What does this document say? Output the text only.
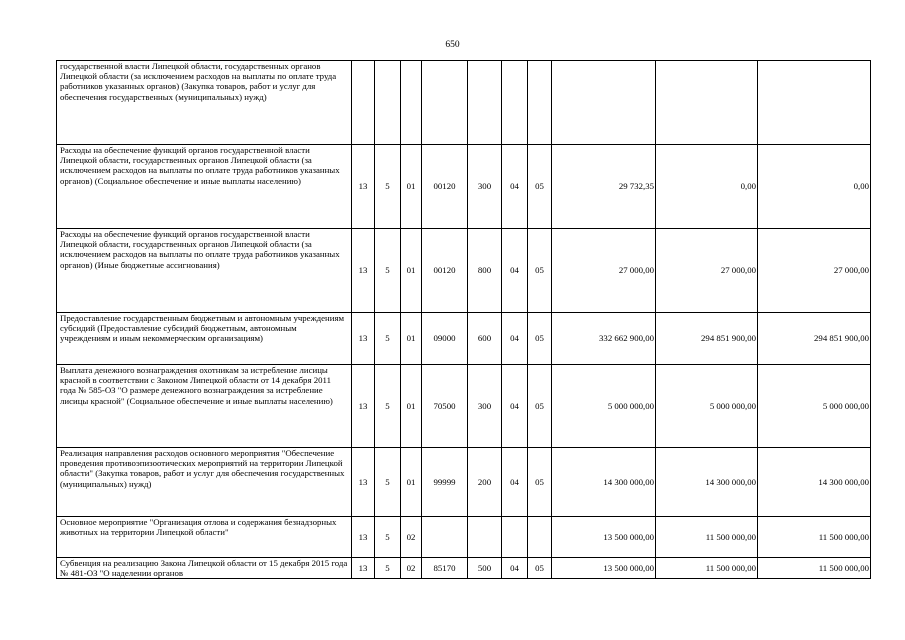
650
государственной власти Липецкой области, государственных органов Липецкой области (за исключением расходов на выплаты по оплате труда работников указанных органов) (Закупка товаров, работ и услуг для обеспечения государственных (муниципальных) нужд)										
Расходы на обеспечение функций органов государственной власти Липецкой области, государственных органов Липецкой области (за исключением расходов на выплаты по оплате труда работников указанных органов) (Социальное обеспечение и иные выплаты населению)	13	5	01	00120	300	04	05	29 732,35	0,00	0,00
Расходы на обеспечение функций органов государственной власти Липецкой области, государственных органов Липецкой области (за исключением расходов на выплаты по оплате труда работников указанных органов) (Иные бюджетные ассигнования)	13	5	01	00120	800	04	05	27 000,00	27 000,00	27 000,00
Предоставление государственным бюджетным и автономным учреждениям субсидий (Предоставление субсидий бюджетным, автономным учреждениям и иным некоммерческим организациям)	13	5	01	09000	600	04	05	332 662 900,00	294 851 900,00	294 851 900,00
Выплата денежного вознаграждения охотникам за истребление лисицы красной в соответствии с Законом Липецкой области от 14 декабря 2011 года № 585-ОЗ "О размере денежного вознаграждения за истребление лисицы красной" (Социальное обеспечение и иные выплаты населению)	13	5	01	70500	300	04	05	5 000 000,00	5 000 000,00	5 000 000,00
Реализация направления расходов основного мероприятия "Обеспечение проведения противоэпизоотических мероприятий на территории Липецкой области" (Закупка товаров, работ и услуг для обеспечения государственных (муниципальных) нужд)	13	5	01	99999	200	04	05	14 300 000,00	14 300 000,00	14 300 000,00
Основное мероприятие "Организация отлова и содержания безнадзорных животных на территории Липецкой области"	13	5	02					13 500 000,00	11 500 000,00	11 500 000,00
Субвенция на реализацию Закона Липецкой области от 15 декабря 2015 года № 481-ОЗ "О наделении органов	13	5	02	85170	500	04	05	13 500 000,00	11 500 000,00	11 500 000,00
